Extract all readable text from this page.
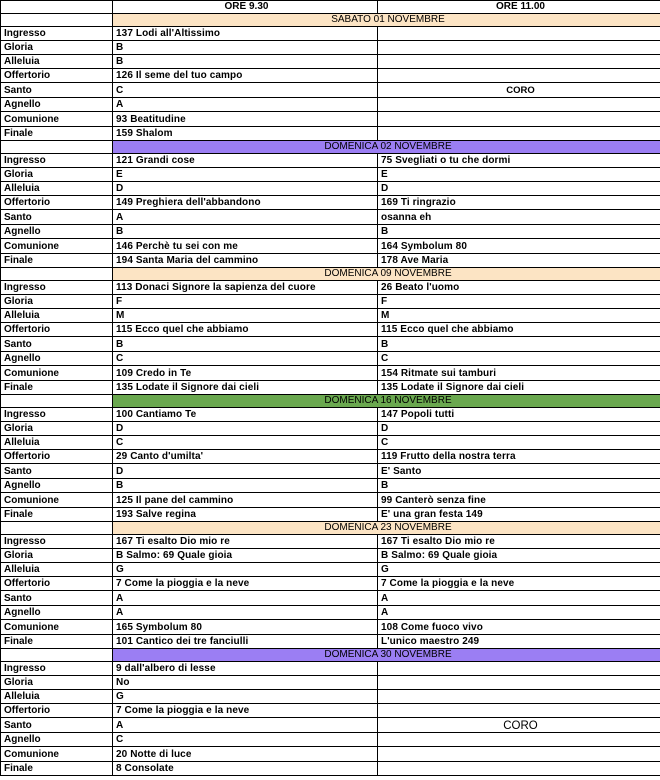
	ORE 9.30	ORE 11.00
	SABATO 01 NOVEMBRE	
Ingresso	137 Lodi all'Altissimo	
Gloria	B	
Alleluia	B	
Offertorio	126 Il seme del tuo campo	
Santo	C	CORO
Agnello	A	
Comunione	93 Beatitudine	
Finale	159 Shalom	
	DOMENICA 02 NOVEMBRE	
Ingresso	121 Grandi cose	75 Svegliati o tu che dormi
Gloria	E	E
Alleluia	D	D
Offertorio	149 Preghiera dell'abbandono	169 Ti ringrazio
Santo	A	osanna eh
Agnello	B	B
Comunione	146 Perchè tu sei con me	164 Symbolum 80
Finale	194 Santa Maria del cammino	178 Ave Maria
	DOMENICA 09 NOVEMBRE	
Ingresso	113 Donaci Signore la sapienza del cuore	26 Beato l'uomo
Gloria	F	F
Alleluia	M	M
Offertorio	115 Ecco quel che abbiamo	115 Ecco quel che abbiamo
Santo	B	B
Agnello	C	C
Comunione	109 Credo in Te	154 Ritmate sui tamburi
Finale	135 Lodate il Signore dai cieli	135 Lodate il Signore dai cieli
	DOMENICA 16 NOVEMBRE	
Ingresso	100 Cantiamo Te	147 Popoli tutti
Gloria	D	D
Alleluia	C	C
Offertorio	29 Canto d'umilta'	119 Frutto della nostra terra
Santo	D	E' Santo
Agnello	B	B
Comunione	125 Il pane del cammino	99 Canterò senza fine
Finale	193 Salve regina	E' una gran festa 149
	DOMENICA 23 NOVEMBRE	
Ingresso	167 Ti esalto Dio mio re	167 Ti esalto Dio mio re
Gloria	B Salmo: 69 Quale gioia	B Salmo: 69 Quale gioia
Alleluia	G	G
Offertorio	7 Come la pioggia e la neve	7 Come la pioggia e la neve
Santo	A	A
Agnello	A	A
Comunione	165 Symbolum 80	108 Come fuoco vivo
Finale	101 Cantico dei tre fanciulli	L'unico maestro 249
	DOMENICA 30 NOVEMBRE	
Ingresso	9 dall'albero di lesse	
Gloria	No	
Alleluia	G	
Offertorio	7 Come la pioggia e la neve	
Santo	A	CORO
Agnello	C	
Comunione	20 Notte di luce	
Finale	8 Consolate	
